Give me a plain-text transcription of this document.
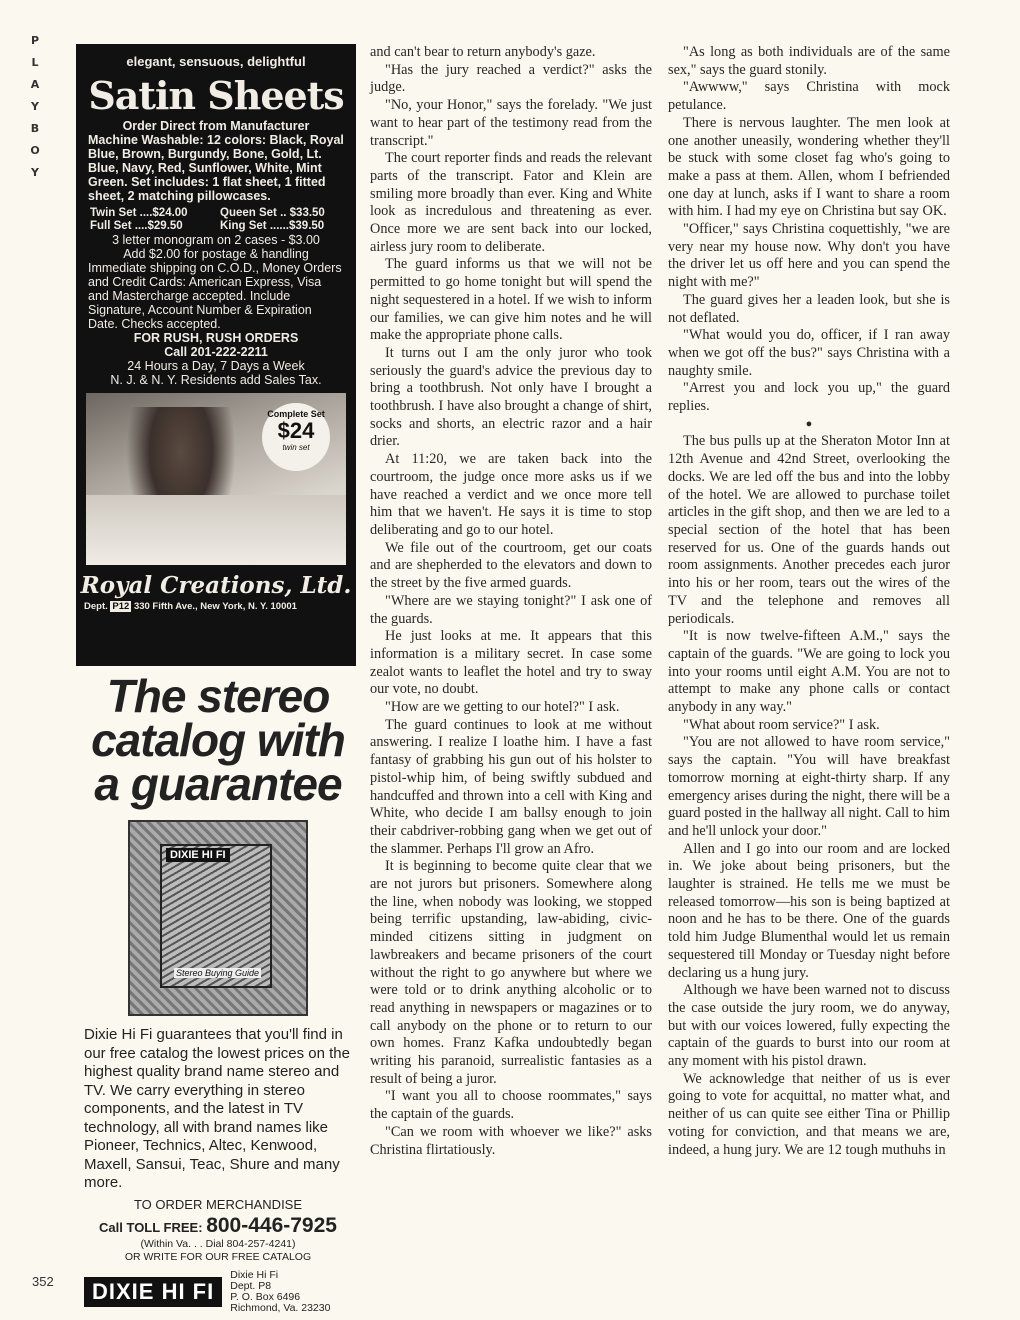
P
L
A
Y
B
O
Y
352
elegant, sensuous, delightful
Satin Sheets
Order Direct from Manufacturer
Machine Washable: 12 colors: Black, Royal Blue, Brown, Burgundy, Bone, Gold, Lt. Blue, Navy, Red, Sunflower, White, Mint Green. Set includes: 1 flat sheet, 1 fitted sheet, 2 matching pillowcases.
Twin Set ....$24.00	Queen Set .. $33.50
Full Set ....$29.50	King Set ......$39.50
3 letter monogram on 2 cases - $3.00
Add $2.00 for postage & handling
Immediate shipping on C.O.D., Money Orders and Credit Cards: American Express, Visa and Mastercharge accepted. Include Signature, Account Number & Expiration Date. Checks accepted.
FOR RUSH, RUSH ORDERS
Call 201-222-2211
24 Hours a Day, 7 Days a Week
N. J. & N. Y. Residents add Sales Tax.
Complete Set
$24
twin set
Royal Creations, Ltd.
Dept. P12 330 Fifth Ave., New York, N. Y. 10001
The stereo catalog with a guarantee
DIXIE HI FI
Stereo Buying Guide
Dixie Hi Fi guarantees that you'll find in our free catalog the lowest prices on the highest quality brand name stereo and TV. We carry everything in stereo components, and the latest in TV technology, all with brand names like Pioneer, Technics, Altec, Kenwood, Maxell, Sansui, Teac, Shure and many more.
TO ORDER MERCHANDISE
Call TOLL FREE: 800-446-7925
(Within Va. . . Dial 804-257-4241)
OR WRITE FOR OUR FREE CATALOG
DIXIE HI FI
Dixie Hi Fi
Dept. P8
P. O. Box 6496
Richmond, Va. 23230

and can't bear to return anybody's gaze.

"Has the jury reached a verdict?" asks the judge.

"No, your Honor," says the forelady. "We just want to hear part of the testimony read from the transcript."

The court reporter finds and reads the relevant parts of the transcript. Fator and Klein are smiling more broadly than ever. King and White look as incredulous and threatening as ever. Once more we are sent back into our locked, airless jury room to deliberate.

The guard informs us that we will not be permitted to go home tonight but will spend the night sequestered in a hotel. If we wish to inform our families, we can give him notes and he will make the appropriate phone calls.

It turns out I am the only juror who took seriously the guard's advice the previous day to bring a toothbrush. Not only have I brought a toothbrush. I have also brought a change of shirt, socks and shorts, an electric razor and a hair drier.

At 11:20, we are taken back into the courtroom, the judge once more asks us if we have reached a verdict and we once more tell him that we haven't. He says it is time to stop deliberating and go to our hotel.

We file out of the courtroom, get our coats and are shepherded to the elevators and down to the street by the five armed guards.

"Where are we staying tonight?" I ask one of the guards.

He just looks at me. It appears that this information is a military secret. In case some zealot wants to leaflet the hotel and try to sway our vote, no doubt.

"How are we getting to our hotel?" I ask.

The guard continues to look at me without answering. I realize I loathe him. I have a fast fantasy of grabbing his gun out of his holster to pistol-whip him, of being swiftly subdued and handcuffed and thrown into a cell with King and White, who decide I am ballsy enough to join their cabdriver-robbing gang when we get out of the slammer. Perhaps I'll grow an Afro.

It is beginning to become quite clear that we are not jurors but prisoners. Somewhere along the line, when nobody was looking, we stopped being terrific upstanding, law-abiding, civic-minded citizens sitting in judgment on lawbreakers and became prisoners of the court without the right to go anywhere but where we were told or to drink anything alcoholic or to read anything in newspapers or magazines or to call anybody on the phone or to return to our own homes. Franz Kafka undoubtedly began writing his paranoid, surrealistic fantasies as a result of being a juror.

"I want you all to choose roommates," says the captain of the guards.

"Can we room with whoever we like?" asks Christina flirtatiously.

"As long as both individuals are of the same sex," says the guard stonily.

"Awwww," says Christina with mock petulance.

There is nervous laughter. The men look at one another uneasily, wondering whether they'll be stuck with some closet fag who's going to make a pass at them. Allen, whom I befriended one day at lunch, asks if I want to share a room with him. I had my eye on Christina but say OK.

"Officer," says Christina coquettishly, "we are very near my house now. Why don't you have the driver let us off here and you can spend the night with me?"

The guard gives her a leaden look, but she is not deflated.

"What would you do, officer, if I ran away when we got off the bus?" says Christina with a naughty smile.

"Arrest you and lock you up," the guard replies.

●

The bus pulls up at the Sheraton Motor Inn at 12th Avenue and 42nd Street, overlooking the docks. We are led off the bus and into the lobby of the hotel. We are allowed to purchase toilet articles in the gift shop, and then we are led to a special section of the hotel that has been reserved for us. One of the guards hands out room assignments. Another precedes each juror into his or her room, tears out the wires of the TV and the telephone and removes all periodicals.

"It is now twelve-fifteen A.M.," says the captain of the guards. "We are going to lock you into your rooms until eight A.M. You are not to attempt to make any phone calls or contact anybody in any way."

"What about room service?" I ask.

"You are not allowed to have room service," says the captain. "You will have breakfast tomorrow morning at eight-thirty sharp. If any emergency arises during the night, there will be a guard posted in the hallway all night. Call to him and he'll unlock your door."

Allen and I go into our room and are locked in. We joke about being prisoners, but the laughter is strained. He tells me we must be released tomorrow—his son is being baptized at noon and he has to be there. One of the guards told him Judge Blumenthal would let us remain sequestered till Monday or Tuesday night before declaring us a hung jury.

Although we have been warned not to discuss the case outside the jury room, we do anyway, but with our voices lowered, fully expecting the captain of the guards to burst into our room at any moment with his pistol drawn.

We acknowledge that neither of us is ever going to vote for acquittal, no matter what, and neither of us can quite see either Tina or Phillip voting for conviction, and that means we are, indeed, a hung jury. We are 12 tough muthuhs in
